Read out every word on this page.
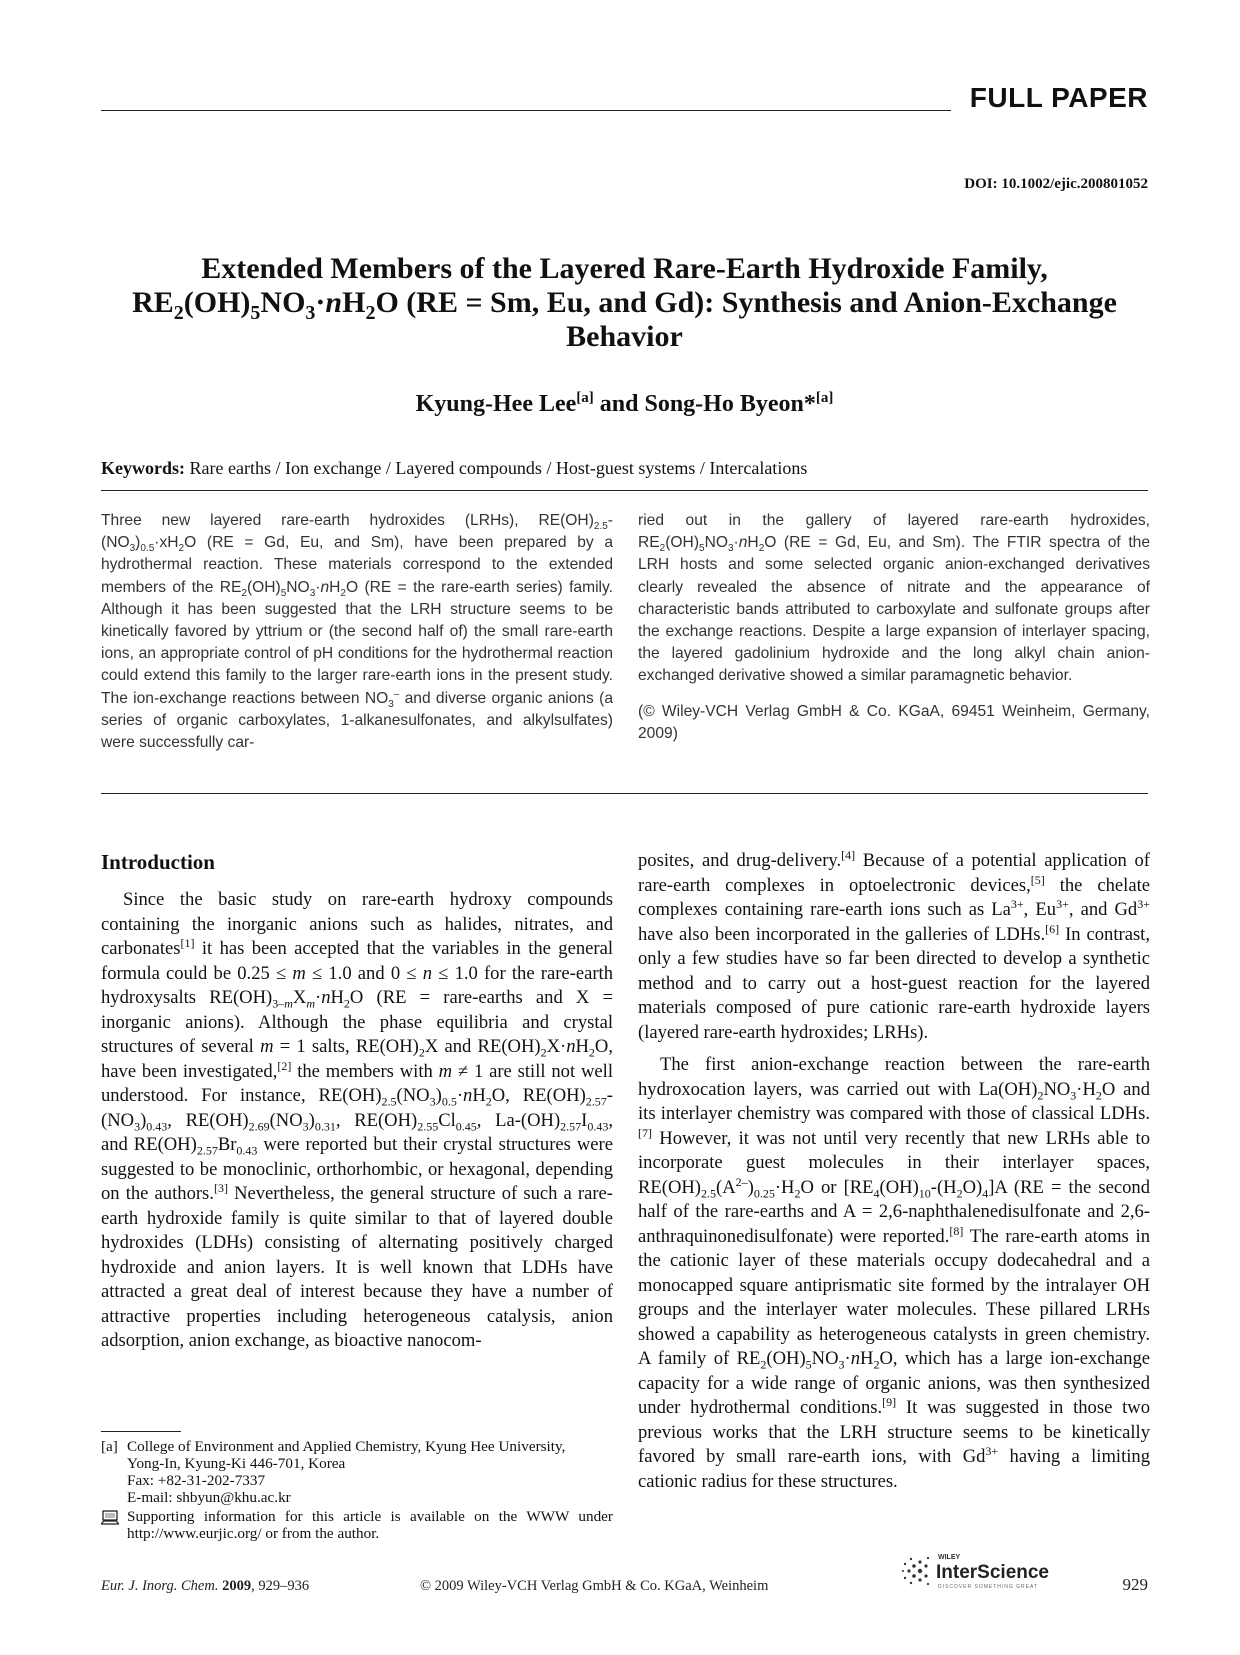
FULL PAPER
DOI: 10.1002/ejic.200801052
Extended Members of the Layered Rare-Earth Hydroxide Family,
$RE_2(OH)_5NO_3\cdot nH_2O$ (RE = Sm, Eu, and Gd): Synthesis and Anion-Exchange
Behavior
Kyung-Hee Lee[a] and Song-Ho Byeon*[a]
Keywords: Rare earths / Ion exchange / Layered compounds / Host-guest systems / Intercalations

Three new layered rare-earth hydroxides (LRHs), $RE(OH)_{2.5}-(NO_3)_{0.5}\cdot xH_2O$ (RE = Gd, Eu, and Sm), have been prepared by a hydrothermal reaction. These materials correspond to the extended members of the $RE_2(OH)_5NO_3\cdot nH_2O$ (RE = the rare-earth series) family. Although it has been suggested that the LRH structure seems to be kinetically favored by yttrium or (the second half of) the small rare-earth ions, an appropriate control of pH conditions for the hydrothermal reaction could extend this family to the larger rare-earth ions in the present study. The ion-exchange reactions between $NO_3^-$ and diverse organic anions (a series of organic carboxylates, 1-alkanesulfonates, and alkylsulfates) were successfully car-

ried out in the gallery of layered rare-earth hydroxides, $RE_2(OH)_5NO_3\cdot nH_2O$ (RE = Gd, Eu, and Sm). The FTIR spectra of the LRH hosts and some selected organic anion-exchanged derivatives clearly revealed the absence of nitrate and the appearance of characteristic bands attributed to carboxylate and sulfonate groups after the exchange reactions. Despite a large expansion of interlayer spacing, the layered gadolinium hydroxide and the long alkyl chain anion-exchanged derivative showed a similar paramagnetic behavior.

(© Wiley-VCH Verlag GmbH & Co. KGaA, 69451 Weinheim, Germany, 2009)

Introduction

Since the basic study on rare-earth hydroxy compounds containing the inorganic anions such as halides, nitrates, and carbonates[1] it has been accepted that the variables in the general formula could be 0.25 ≤ m ≤ 1.0 and 0 ≤ n ≤ 1.0 for the rare-earth hydroxysalts $RE(OH)_{3-m}X_m\cdot nH_2O$ (RE = rare-earths and X = inorganic anions). Although the phase equilibria and crystal structures of several m = 1 salts, $RE(OH)_2X$ and $RE(OH)_2X\cdot nH_2O$, have been investigated,[2] the members with m ≠ 1 are still not well understood. For instance, $RE(OH)_{2.5}(NO_3)_{0.5}\cdot nH_2O$, $RE(OH)_{2.57}-(NO_3)_{0.43}$, $RE(OH)_{2.69}(NO_3)_{0.31}$, $RE(OH)_{2.55}Cl_{0.45}$, $La-(OH)_{2.57}I_{0.43}$, and $RE(OH)_{2.57}Br_{0.43}$ were reported but their crystal structures were suggested to be monoclinic, orthorhombic, or hexagonal, depending on the authors.[3] Nevertheless, the general structure of such a rare-earth hydroxide family is quite similar to that of layered double hydroxides (LDHs) consisting of alternating positively charged hydroxide and anion layers. It is well known that LDHs have attracted a great deal of interest because they have a number of attractive properties including heterogeneous catalysis, anion adsorption, anion exchange, as bioactive nanocom-

posites, and drug-delivery.[4] Because of a potential application of rare-earth complexes in optoelectronic devices,[5] the chelate complexes containing rare-earth ions such as $La^{3+}$, $Eu^{3+}$, and $Gd^{3+}$ have also been incorporated in the galleries of LDHs.[6] In contrast, only a few studies have so far been directed to develop a synthetic method and to carry out a host-guest reaction for the layered materials composed of pure cationic rare-earth hydroxide layers (layered rare-earth hydroxides; LRHs).

The first anion-exchange reaction between the rare-earth hydroxocation layers, was carried out with $La(OH)_2NO_3\cdot H_2O$ and its interlayer chemistry was compared with those of classical LDHs.[7] However, it was not until very recently that new LRHs able to incorporate guest molecules in their interlayer spaces, $RE(OH)_{2.5}(A^{2-})_{0.25}\cdot H_2O$ or $[RE_4(OH)_{10}-(H_2O)_4]A$ (RE = the second half of the rare-earths and A = 2,6-naphthalenedisulfonate and 2,6-anthraquinonedisulfonate) were reported.[8] The rare-earth atoms in the cationic layer of these materials occupy dodecahedral and a monocapped square antiprismatic site formed by the intralayer OH groups and the interlayer water molecules. These pillared LRHs showed a capability as heterogeneous catalysts in green chemistry. A family of $RE_2(OH)_5NO_3\cdot nH_2O$, which has a large ion-exchange capacity for a wide range of organic anions, was then synthesized under hydrothermal conditions.[9] It was suggested in those two previous works that the LRH structure seems to be kinetically favored by small rare-earth ions, with $Gd^{3+}$ having a limiting cationic radius for these structures.

[a] College of Environment and Applied Chemistry, Kyung Hee University,
Yong-In, Kyung-Ki 446-701, Korea
Fax: +82-31-202-7337
E-mail: shbyun@khu.ac.kr
Supporting information for this article is available on the WWW under http://www.eurjic.org/ or from the author.
Eur. J. Inorg. Chem. 2009, 929–936	© 2009 Wiley-VCH Verlag GmbH & Co. KGaA, Weinheim
WILEY
InterScience
DISCOVER SOMETHING GREAT	929
